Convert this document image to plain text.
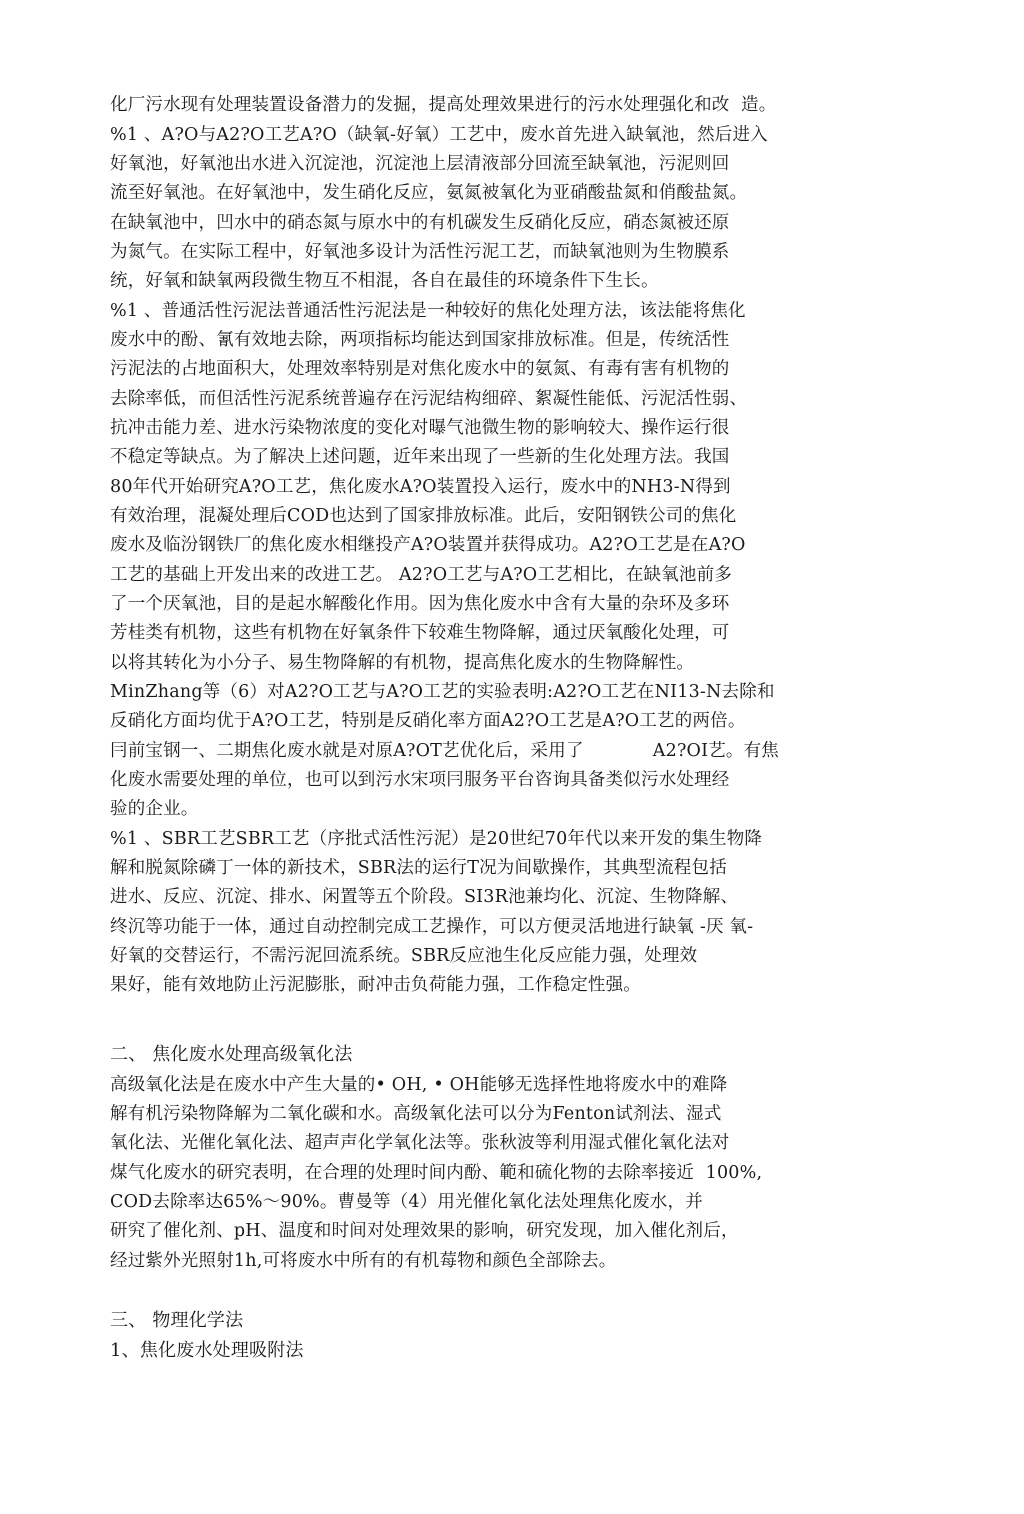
化厂污水现有处理装置设备潜力的发掘，提高处理效果进行的污水处理强化和改  造。
%1 、A?O与A2?O工艺A?O（缺氧-好氧）工艺中，废水首先进入缺氧池，然后进入
好氧池，好氧池出水进入沉淀池，沉淀池上层清液部分回流至缺氧池，污泥则回
流至好氧池。在好氧池中，发生硝化反应，氨氮被氧化为亚硝酸盐氮和俏酸盐氮。
在缺氧池中，凹水中的硝态氮与原水中的有机碳发生反硝化反应，硝态氮被还原
为氮气。在实际工程中，好氧池多设计为活性污泥工艺，而缺氧池则为生物膜系
统，好氧和缺氧两段微生物互不相混，各自在最佳的环境条件下生长。
%1 、普通活性污泥法普通活性污泥法是一种较好的焦化处理方法，该法能将焦化
废水中的酚、氰有效地去除，两项指标均能达到国家排放标准。但是，传统活性
污泥法的占地面积大，处理效率特别是对焦化废水中的氨氮、有毒有害有机物的
去除率低，而但活性污泥系统普遍存在污泥结构细碎、絮凝性能低、污泥活性弱、
抗冲击能力差、进水污染物浓度的变化对曝气池微生物的影响较大、操作运行很
不稳定等缺点。为了解决上述问题，近年来出现了一些新的生化处理方法。我国
80年代开始研究A?O工艺，焦化废水A?O装置投入运行，废水中的NH3-N得到
有效治理，混凝处理后COD也达到了国家排放标准。此后，安阳钢铁公司的焦化
废水及临汾钢铁厂的焦化废水相继投产A?O装置并获得成功。A2?O工艺是在A?O
工艺的基础上开发出来的改进工艺。 A2?O工艺与A?O工艺相比，在缺氧池前多
了一个厌氧池，目的是起水解酸化作用。因为焦化废水中含有大量的杂环及多环
芳桂类有机物，这些有机物在好氧条件下较难生物降解，通过厌氧酸化处理，可
以将其转化为小分子、易生物降解的有机物，提高焦化废水的生物降解性。
MinZhang等（6）对A2?O工艺与A?O工艺的实验表明:A2?O工艺在NI13-N去除和
反硝化方面均优于A?O工艺，特别是反硝化率方面A2?O工艺是A?O工艺的两倍。
冃前宝钢一、二期焦化废水就是对原A?OT艺优化后，采用了            A2?OI艺。有焦
化废水需要处理的单位，也可以到污水宋项冃服务平台咨询具备类似污水处理经
验的企业。
%1 、SBR工艺SBR工艺（序批式活性污泥）是20世纪70年代以来开发的集生物降
解和脱氮除磷丁一体的新技术，SBR法的运行T况为间歇操作，其典型流程包括
进水、反应、沉淀、排水、闲置等五个阶段。SI3R池兼均化、沉淀、生物降解、
终沉等功能于一体，通过自动控制完成工艺操作，可以方便灵活地进行缺氧 -厌 氧-
好氧的交替运行，不需污泥回流系统。SBR反应池生化反应能力强，处理效
果好，能有效地防止污泥膨胀，耐冲击负荷能力强，工作稳定性强。
二、 焦化废水处理高级氧化法
高级氧化法是在废水中产生大量的• OH, • OH能够无选择性地将废水中的难降
解有机污染物降解为二氧化碳和水。高级氧化法可以分为Fenton试剂法、湿式
氧化法、光催化氧化法、超声声化学氧化法等。张秋波等利用湿式催化氧化法对
煤气化废水的研究表明，在合理的处理时间内酚、範和硫化物的去除率接近  100%,
COD去除率达65%～90%。曹曼等（4）用光催化氧化法处理焦化废水，并
研究了催化剂、pH、温度和时间对处理效果的影响，研究发现，加入催化剂后，
经过紫外光照射1h,可将废水中所有的有机莓物和颜色全部除去。
三、 物理化学法
1、焦化废水处理吸附法
